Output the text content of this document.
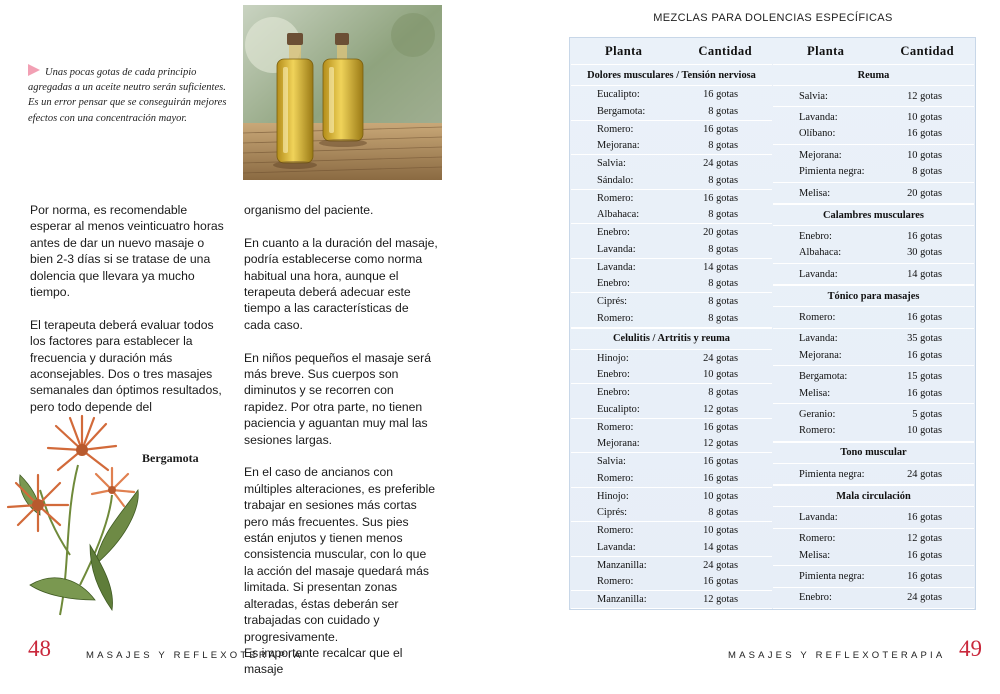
Unas pocas gotas de cada principio agregadas a un aceite neutro serán suficientes. Es un error pensar que se conseguirán mejores efectos con una concentración mayor.

Por norma, es recomendable esperar al menos veinticuatro horas antes de dar un nuevo masaje o bien 2-3 días si se tratase de una dolencia que llevara ya mucho tiempo.

El terapeuta deberá evaluar todos los factores para establecer la frecuencia y duración más aconsejables. Dos o tres masajes semanales dan óptimos resultados, pero todo depende del

organismo del paciente.

En cuanto a la duración del masaje, podría establecerse como norma habitual una hora, aunque el terapeuta deberá adecuar este tiempo a las características de cada caso.

En niños pequeños el masaje será más breve. Sus cuerpos son diminutos y se recorren con rapidez. Por otra parte, no tienen paciencia y aguantan muy mal las sesiones largas.

En el caso de ancianos con múltiples alteraciones, es preferible trabajar en sesiones más cortas pero más frecuentes. Sus pies están enjutos y tienen menos consistencia muscular, con lo que la acción del masaje quedará más limitada. Si presentan zonas alteradas, éstas deberán ser trabajadas con cuidado y progresivamente.

Es importante recalcar que el masaje

Bergamota
48	MASAJES Y REFLEXOTERAPIA
MEZCLAS PARA DOLENCIAS ESPECÍFICAS
Planta	Cantidad
Dolores musculares / Tensión nerviosa
Eucalipto:	16 gotas
Bergamota:	8 gotas
Romero:	16 gotas
Mejorana:	8 gotas
Salvia:	24 gotas
Sándalo:	8 gotas
Romero:	16 gotas
Albahaca:	8 gotas
Enebro:	20 gotas
Lavanda:	8 gotas
Lavanda:	14 gotas
Enebro:	8 gotas
Ciprés:	8 gotas
Romero:	8 gotas
Celulitis / Artritis y reuma
Hinojo:	24 gotas
Enebro:	10 gotas
Enebro:	8 gotas
Eucalipto:	12 gotas
Romero:	16 gotas
Mejorana:	12 gotas
Salvia:	16 gotas
Romero:	16 gotas
Hinojo:	10 gotas
Ciprés:	8 gotas
Romero:	10 gotas
Lavanda:	14 gotas
Manzanilla:	24 gotas
Romero:	16 gotas
Manzanilla:	12 gotas
Planta	Cantidad
Reuma
Salvia:	12 gotas
Lavanda:	10 gotas
Olíbano:	16 gotas
Mejorana:	10 gotas
Pimienta negra:	8 gotas
Melisa:	20 gotas
Calambres musculares
Enebro:	16 gotas
Albahaca:	30 gotas
Lavanda:	14 gotas
Tónico para masajes
Romero:	16 gotas
Lavanda:	35 gotas
Mejorana:	16 gotas
Bergamota:	15 gotas
Melisa:	16 gotas
Geranio:	5 gotas
Romero:	10 gotas
Tono muscular
Pimienta negra:	24 gotas
Mala circulación
Lavanda:	16 gotas
Romero:	12 gotas
Melisa:	16 gotas
Pimienta negra:	16 gotas
Enebro:	24 gotas
49
MASAJES Y REFLEXOTERAPIA
